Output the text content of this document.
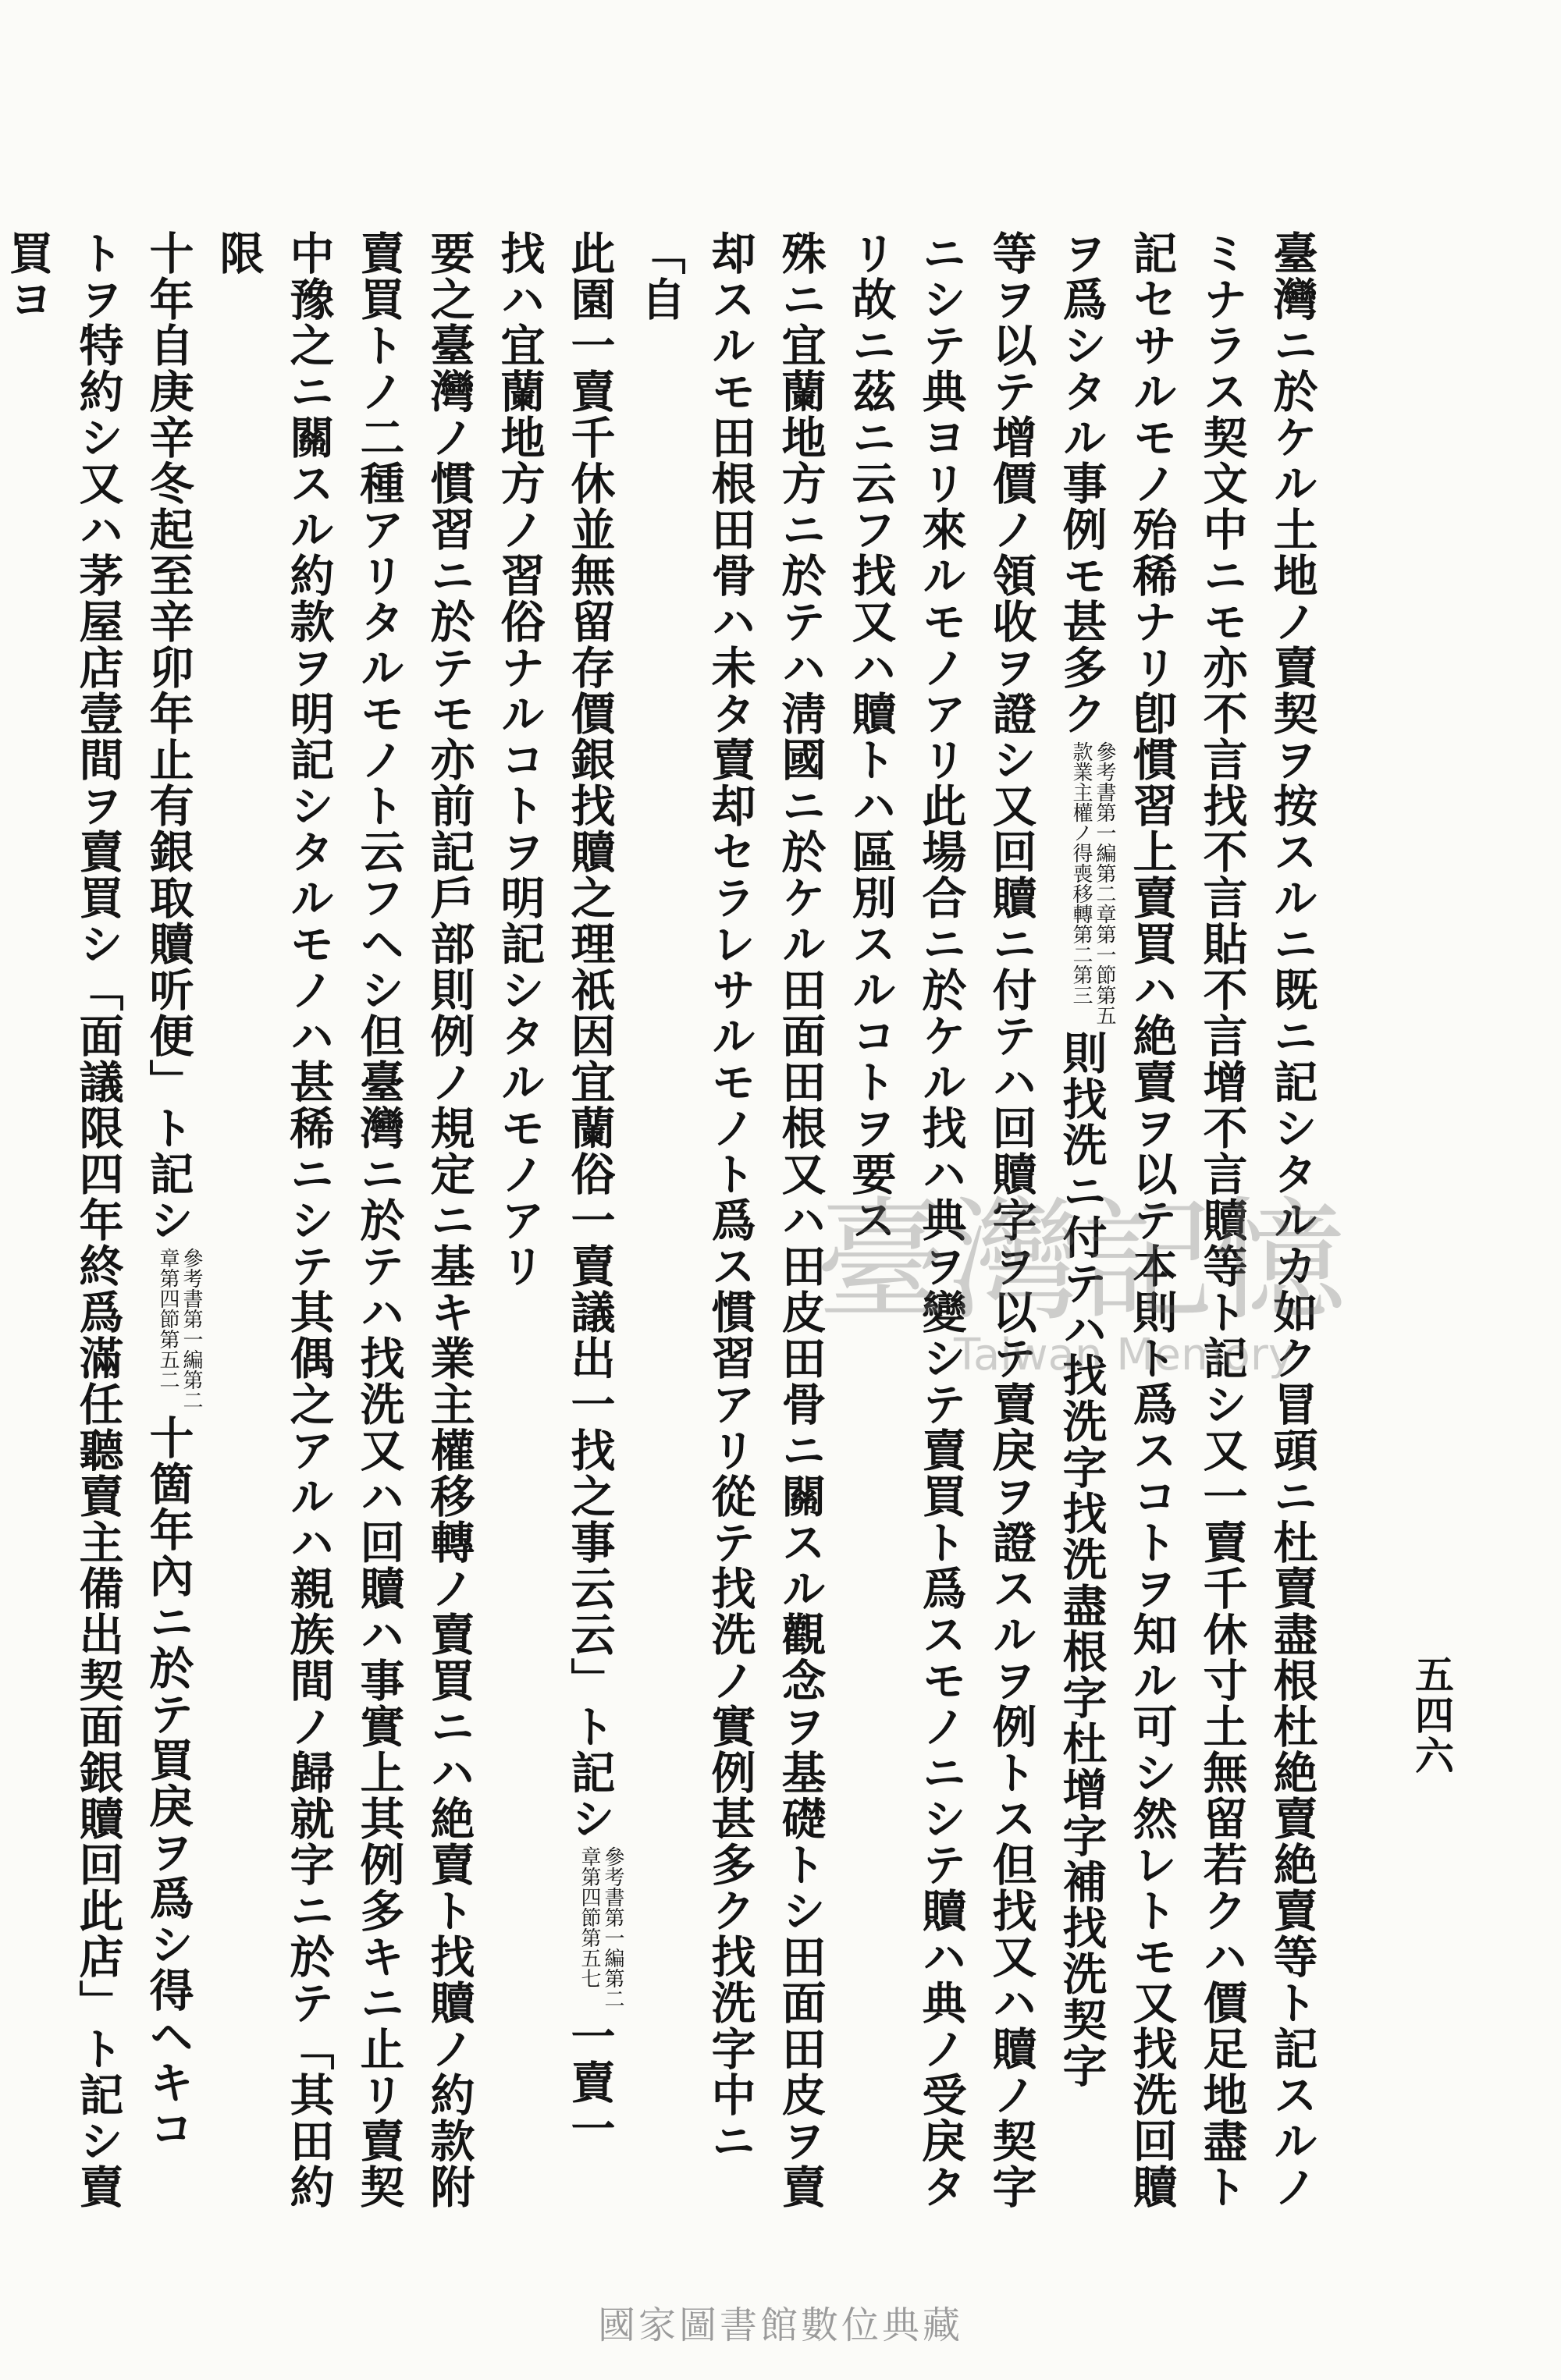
五四六

臺灣ニ於ケル土地ノ賣契ヲ按スルニ既ニ記シタルカ如ク冒頭ニ杜賣盡根杜絶賣絶賣等ト記スルノ

ミナラス契文中ニモ亦不言找不言貼不言增不言贖等ト記シ又一賣千休寸土無留若クハ價足地盡ト

記セサルモノ殆稀ナリ卽慣習上賣買ハ絶賣ヲ以テ本則ト爲スコトヲ知ル可シ然レトモ又找洗回贖

ヲ爲シタル事例モ甚多ク
參考書第一編第二章第一節第五
款業主權ノ得喪移轉第二第三
則找洗ニ付テハ找洗字找洗盡根字杜增字補找洗契字

等ヲ以テ增價ノ領收ヲ證シ又回贖ニ付テハ回贖字ヲ以テ賣戾ヲ證スルヲ例トス但找又ハ贖ノ契字

ニシテ典ヨリ來ルモノアリ此場合ニ於ケル找ハ典ヲ變シテ賣買ト爲スモノニシテ贖ハ典ノ受戾タ

リ故ニ茲ニ云フ找又ハ贖トハ區別スルコトヲ要ス

殊ニ宜蘭地方ニ於テハ淸國ニ於ケル田面田根又ハ田皮田骨ニ關スル觀念ヲ基礎トシ田面田皮ヲ賣

却スルモ田根田骨ハ未タ賣却セラレサルモノト爲ス慣習アリ從テ找洗ノ實例甚多ク找洗字中ニ「自

此園一賣千休並無留存價銀找贖之理祇因宜蘭俗一賣議出一找之事云云」ト記シ
參考書第一編第二
章第四節第五七
一賣一

找ハ宜蘭地方ノ習俗ナルコトヲ明記シタルモノアリ

要之臺灣ノ慣習ニ於テモ亦前記戶部則例ノ規定ニ基キ業主權移轉ノ賣買ニハ絶賣ト找贖ノ約款附

賣買トノ二種アリタルモノト云フヘシ但臺灣ニ於テハ找洗又ハ回贖ハ事實上其例多キニ止リ賣契

中豫之ニ關スル約款ヲ明記シタルモノハ甚稀ニシテ其偶之アルハ親族間ノ歸就字ニ於テ「其田約限

十年自庚辛冬起至辛卯年止有銀取贖听便」ト記シ
參考書第一編第二
章第四節第五二
十箇年內ニ於テ買戾ヲ爲シ得ヘキコ

トヲ特約シ又ハ茅屋店壹間ヲ賣買シ「面議限四年終爲滿任聽賣主備出契面銀贖回此店」ト記シ賣買ヨ

臺灣記憶
Taiwan Memory
國家圖書館數位典藏
